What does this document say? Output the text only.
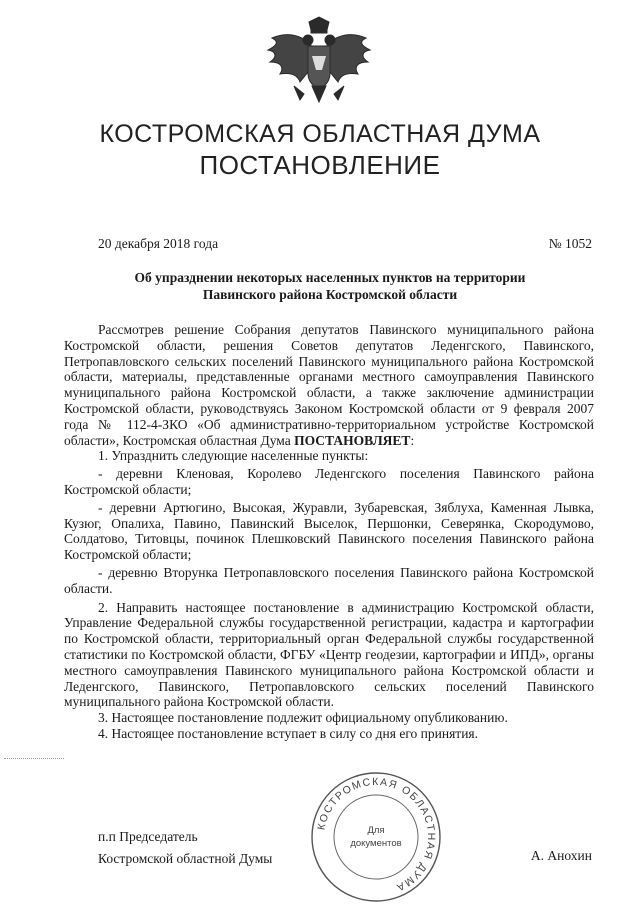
КОСТРОМСКАЯ ОБЛАСТНАЯ ДУМА
ПОСТАНОВЛЕНИЕ
20 декабря 2018 года	№ 1052
Об упразднении некоторых населенных пунктов на территории
Павинского района Костромской области

Рассмотрев решение Собрания депутатов Павинского муниципального района Костромской области, решения Советов депутатов Леденгского, Павинского, Петропавловского сельских поселений Павинского муниципального района Костромской области, материалы, представленные органами местного самоуправления Павинского муниципального района Костромской области, а также заключение администрации Костромской области, руководствуясь Законом Костромской области от 9 февраля 2007 года № 112-4-ЗКО «Об административно-территориальном устройстве Костромской области», Костромская областная Дума ПОСТАНОВЛЯЕТ:

1. Упразднить следующие населенные пункты:

- деревни Кленовая, Королево Леденгского поселения Павинского района Костромской области;

- деревни Артюгино, Высокая, Журавли, Зубаревская, Зяблуха, Каменная Лывка, Кузюг, Опалиха, Павино, Павинский Выселок, Першонки, Северянка, Скородумово, Солдатово, Титовцы, починок Плешковский Павинского поселения Павинского района Костромской области;

- деревню Вторунка Петропавловского поселения Павинского района Костромской области.

2. Направить настоящее постановление в администрацию Костромской области, Управление Федеральной службы государственной регистрации, кадастра и картографии по Костромской области, территориальный орган Федеральной службы государственной статистики по Костромской области, ФГБУ «Центр геодезии, картографии и ИПД», органы местного самоуправления Павинского муниципального района Костромской области и Леденгского, Павинского, Петропавловского сельских поселений Павинского муниципального района Костромской области.

3. Настоящее постановление подлежит официальному опубликованию.

4. Настоящее постановление вступает в силу со дня его принятия.

п.п Председатель
Костромской областной Думы	А. Анохин
КОСТРОМСКАЯ ОБЛАСТНАЯ ДУМА
Для
документов
